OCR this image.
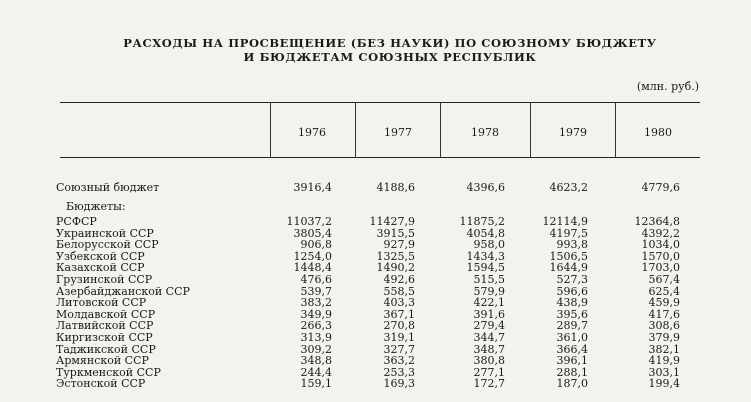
РАСХОДЫ НА ПРОСВЕЩЕНИЕ (БЕЗ НАУКИ) ПО СОЮЗНОМУ БЮДЖЕТУ
И БЮДЖЕТАМ СОЮЗНЫХ РЕСПУБЛИК
(млн. руб.)
1976	1977	1978	1979	1980
Союзный бюджет	3916,4	4188,6	4396,6	4623,2	4779,6
Бюджеты:
РСФСР	11037,2	11427,9	11875,2	12114,9	12364,8
Украинской ССР	3805,4	3915,5	4054,8	4197,5	4392,2
Белорусской ССР	906,8	927,9	958,0	993,8	1034,0
Узбекской ССР	1254,0	1325,5	1434,3	1506,5	1570,0
Казахской ССР	1448,4	1490,2	1594,5	1644,9	1703,0
Грузинской ССР	476,6	492,6	515,5	527,3	567,4
Азербайджанской ССР	539,7	558,5	579,9	596,6	625,4
Литовской ССР	383,2	403,3	422,1	438,9	459,9
Молдавской ССР	349,9	367,1	391,6	395,6	417,6
Латвийской ССР	266,3	270,8	279,4	289,7	308,6
Киргизской ССР	313,9	319,1	344,7	361,0	379,9
Таджикской ССР	309,2	327,7	348,7	366,4	382,1
Армянской ССР	348,8	363,2	380,8	396,1	419,9
Туркменской ССР	244,4	253,3	277,1	288,1	303,1
Эстонской ССР	159,1	169,3	172,7	187,0	199,4
